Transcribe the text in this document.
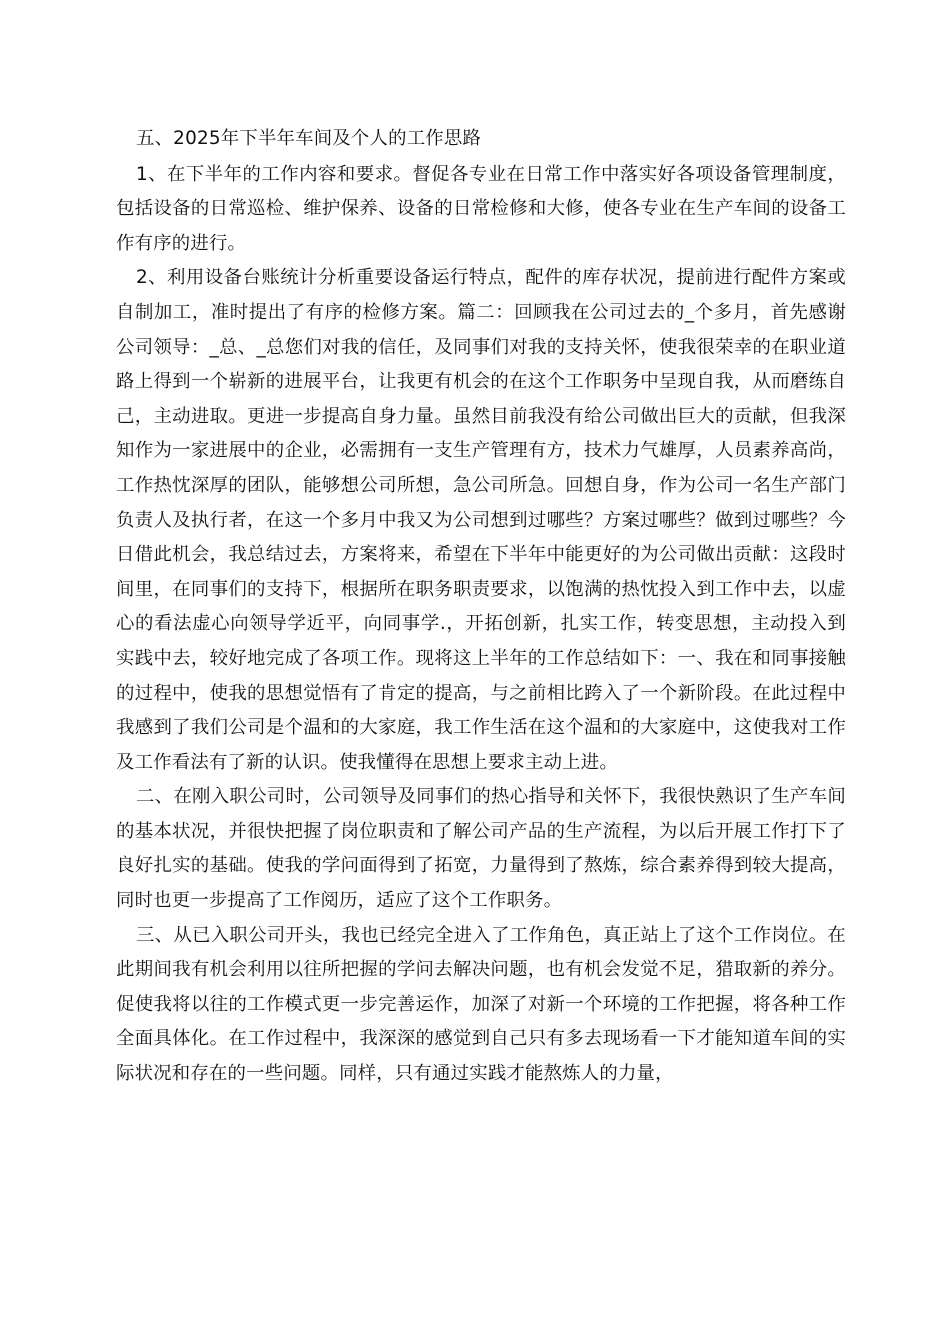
五、2025年下半年车间及个人的工作思路

1、在下半年的工作内容和要求。督促各专业在日常工作中落实好各项设备管理制度，包括设备的日常巡检、维护保养、设备的日常检修和大修，使各专业在生产车间的设备工作有序的进行。

2、利用设备台账统计分析重要设备运行特点，配件的库存状况，提前进行配件方案或自制加工，准时提出了有序的检修方案。篇二：回顾我在公司过去的_个多月，首先感谢公司领导：_总、_总您们对我的信任，及同事们对我的支持关怀，使我很荣幸的在职业道路上得到一个崭新的进展平台，让我更有机会的在这个工作职务中呈现自我，从而磨练自己，主动进取。更进一步提高自身力量。虽然目前我没有给公司做出巨大的贡献，但我深知作为一家进展中的企业，必需拥有一支生产管理有方，技术力气雄厚，人员素养高尚，工作热忱深厚的团队，能够想公司所想，急公司所急。回想自身，作为公司一名生产部门负责人及执行者，在这一个多月中我又为公司想到过哪些？方案过哪些？做到过哪些？今日借此机会，我总结过去，方案将来，希望在下半年中能更好的为公司做出贡献：这段时间里，在同事们的支持下，根据所在职务职责要求，以饱满的热忱投入到工作中去，以虚心的看法虚心向领导学近平，向同事学.，开拓创新，扎实工作，转变思想，主动投入到实践中去，较好地完成了各项工作。现将这上半年的工作总结如下：一、我在和同事接触的过程中，使我的思想觉悟有了肯定的提高，与之前相比跨入了一个新阶段。在此过程中我感到了我们公司是个温和的大家庭，我工作生活在这个温和的大家庭中，这使我对工作及工作看法有了新的认识。使我懂得在思想上要求主动上进。

二、在刚入职公司时，公司领导及同事们的热心指导和关怀下，我很快熟识了生产车间的基本状况，并很快把握了岗位职责和了解公司产品的生产流程，为以后开展工作打下了良好扎实的基础。使我的学问面得到了拓宽，力量得到了熬炼，综合素养得到较大提高，同时也更一步提高了工作阅历，适应了这个工作职务。

三、从已入职公司开头，我也已经完全进入了工作角色，真正站上了这个工作岗位。在此期间我有机会利用以往所把握的学问去解决问题，也有机会发觉不足，猎取新的养分。促使我将以往的工作模式更一步完善运作，加深了对新一个环境的工作把握，将各种工作全面具体化。在工作过程中，我深深的感觉到自己只有多去现场看一下才能知道车间的实际状况和存在的一些问题。同样，只有通过实践才能熬炼人的力量，
